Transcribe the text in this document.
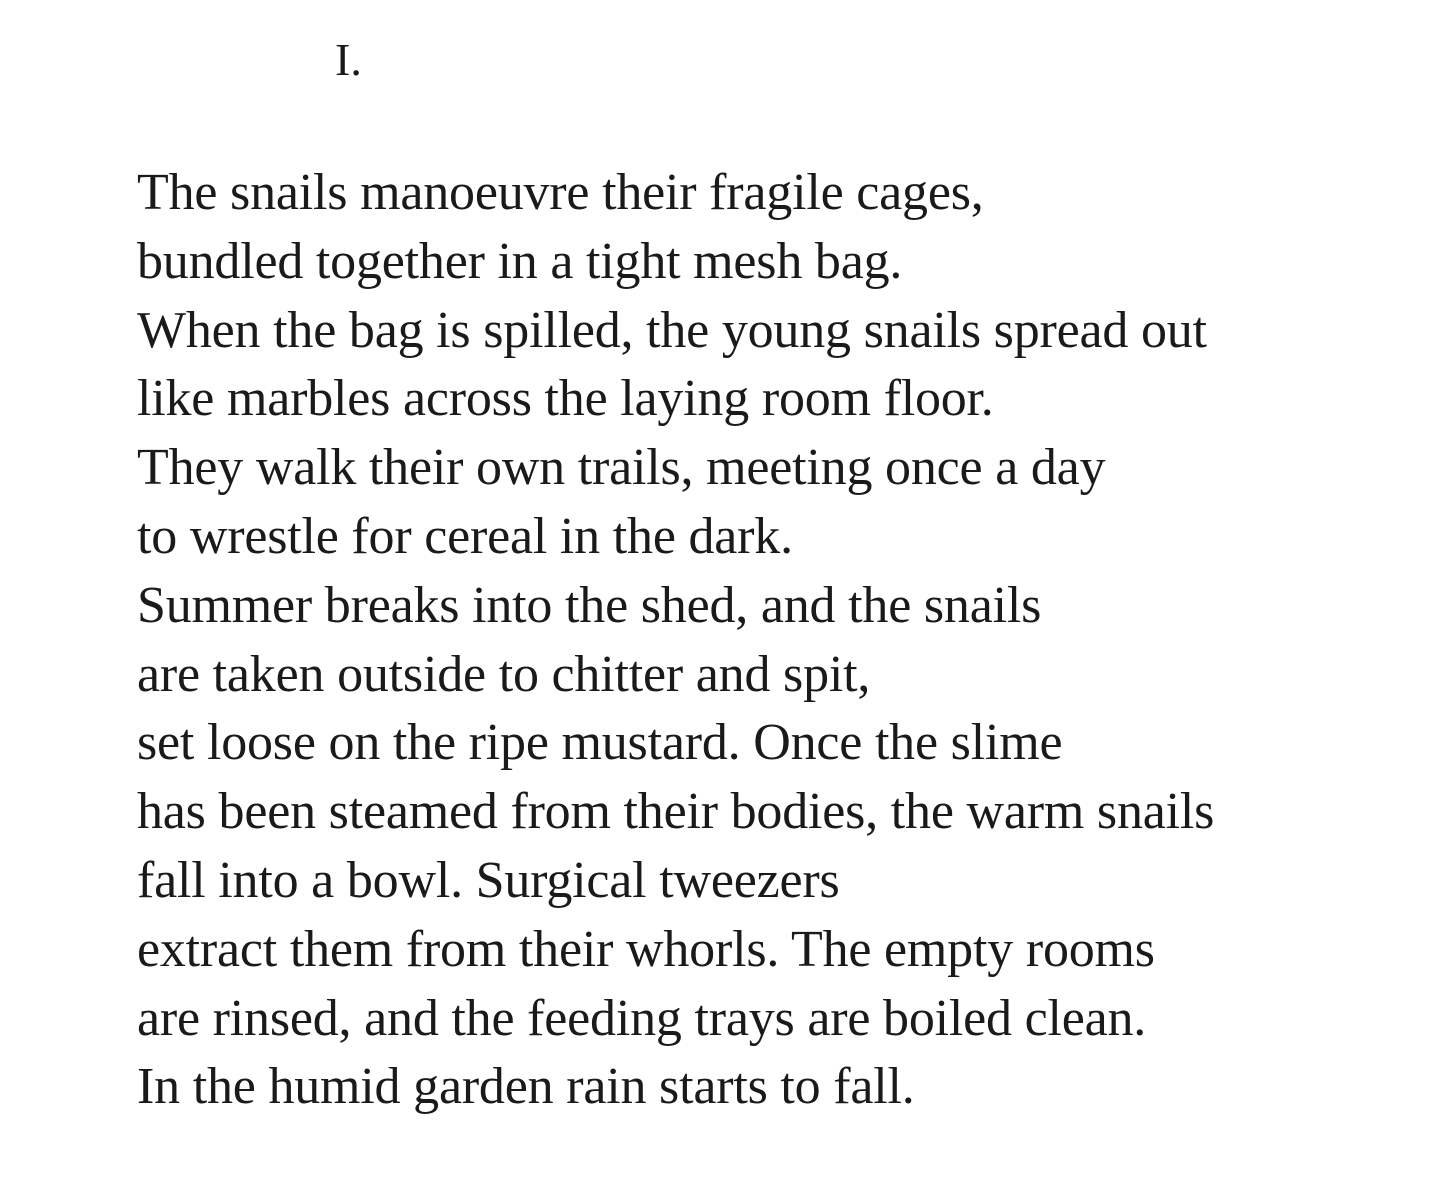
I.
The snails manoeuvre their fragile cages,
bundled together in a tight mesh bag.
When the bag is spilled, the young snails spread out
like marbles across the laying room floor.
They walk their own trails, meeting once a day
to wrestle for cereal in the dark.
Summer breaks into the shed, and the snails
are taken outside to chitter and spit,
set loose on the ripe mustard. Once the slime
has been steamed from their bodies, the warm snails
fall into a bowl. Surgical tweezers
extract them from their whorls. The empty rooms
are rinsed, and the feeding trays are boiled clean.
In the humid garden rain starts to fall.
